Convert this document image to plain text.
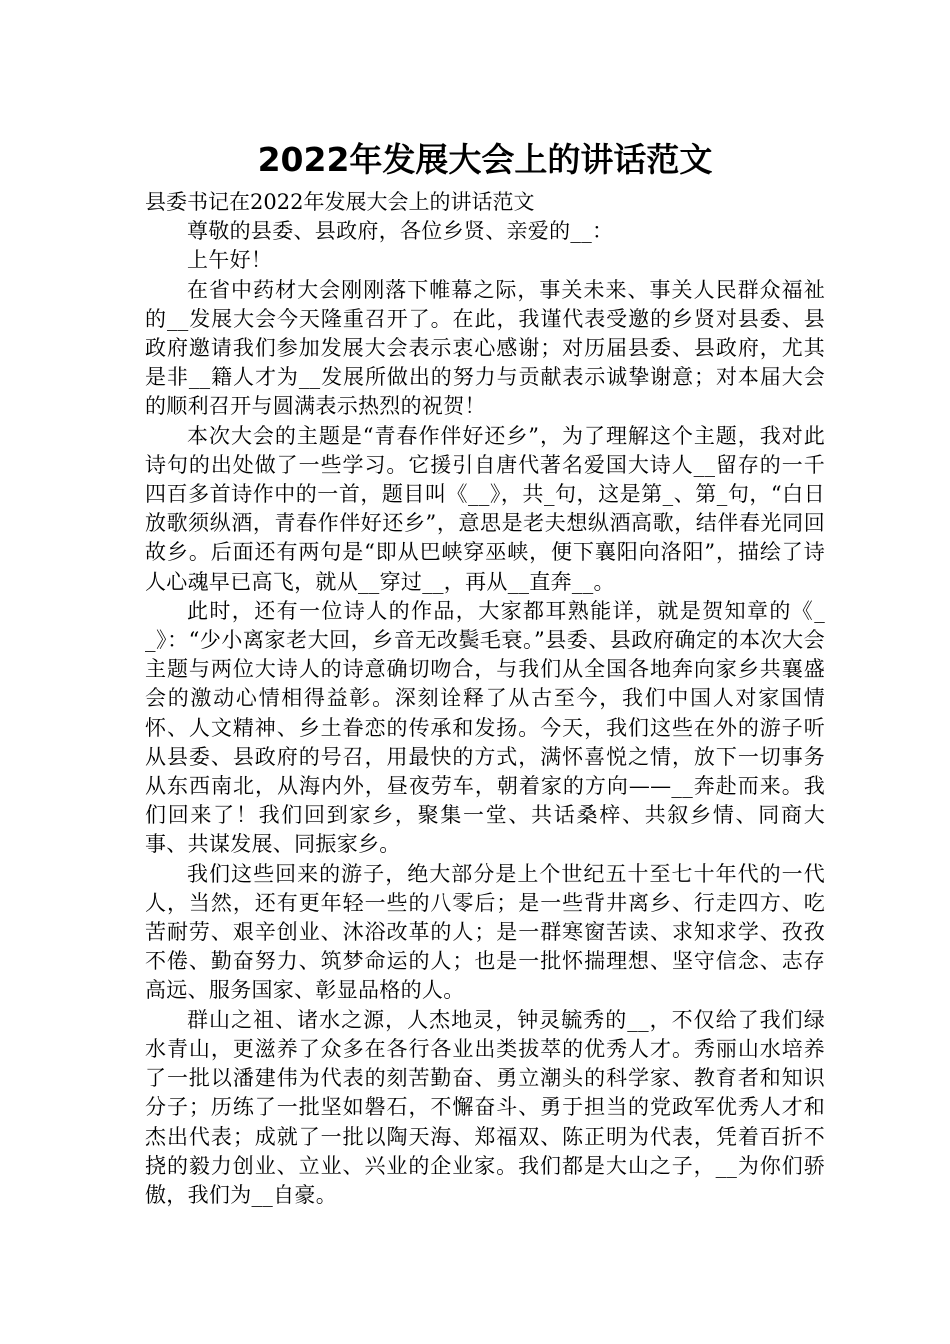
2022年发展大会上的讲话范文

县委书记在2022年发展大会上的讲话范文

尊敬的县委、县政府，各位乡贤、亲爱的__：

上午好！

在省中药材大会刚刚落下帷幕之际，事关未来、事关人民群众福祉的__发展大会今天隆重召开了。在此，我谨代表受邀的乡贤对县委、县政府邀请我们参加发展大会表示衷心感谢；对历届县委、县政府，尤其是非__籍人才为__发展所做出的努力与贡献表示诚挚谢意；对本届大会的顺利召开与圆满表示热烈的祝贺！

本次大会的主题是“青春作伴好还乡”，为了理解这个主题，我对此诗句的出处做了一些学习。它援引自唐代著名爱国大诗人__留存的一千四百多首诗作中的一首，题目叫《__》，共_句，这是第_、第_句，“白日放歌须纵酒，青春作伴好还乡”，意思是老夫想纵酒高歌，结伴春光同回故乡。后面还有两句是“即从巴峡穿巫峡，便下襄阳向洛阳”，描绘了诗人心魂早已高飞，就从__穿过__，再从__直奔__。

此时，还有一位诗人的作品，大家都耳熟能详，就是贺知章的《__》：“少小离家老大回，乡音无改鬓毛衰。”县委、县政府确定的本次大会主题与两位大诗人的诗意确切吻合，与我们从全国各地奔向家乡共襄盛会的激动心情相得益彰。深刻诠释了从古至今，我们中国人对家国情怀、人文精神、乡土眷恋的传承和发扬。今天，我们这些在外的游子听从县委、县政府的号召，用最快的方式，满怀喜悦之情，放下一切事务从东西南北，从海内外，昼夜劳车，朝着家的方向——__奔赴而来。我们回来了！我们回到家乡，聚集一堂、共话桑梓、共叙乡情、同商大事、共谋发展、同振家乡。

我们这些回来的游子，绝大部分是上个世纪五十至七十年代的一代人，当然，还有更年轻一些的八零后；是一些背井离乡、行走四方、吃苦耐劳、艰辛创业、沐浴改革的人；是一群寒窗苦读、求知求学、孜孜不倦、勤奋努力、筑梦命运的人；也是一批怀揣理想、坚守信念、志存高远、服务国家、彰显品格的人。

群山之祖、诸水之源，人杰地灵，钟灵毓秀的__，不仅给了我们绿水青山，更滋养了众多在各行各业出类拔萃的优秀人才。秀丽山水培养了一批以潘建伟为代表的刻苦勤奋、勇立潮头的科学家、教育者和知识分子；历练了一批坚如磐石，不懈奋斗、勇于担当的党政军优秀人才和杰出代表；成就了一批以陶天海、郑福双、陈正明为代表，凭着百折不挠的毅力创业、立业、兴业的企业家。我们都是大山之子，__为你们骄傲，我们为__自豪。
